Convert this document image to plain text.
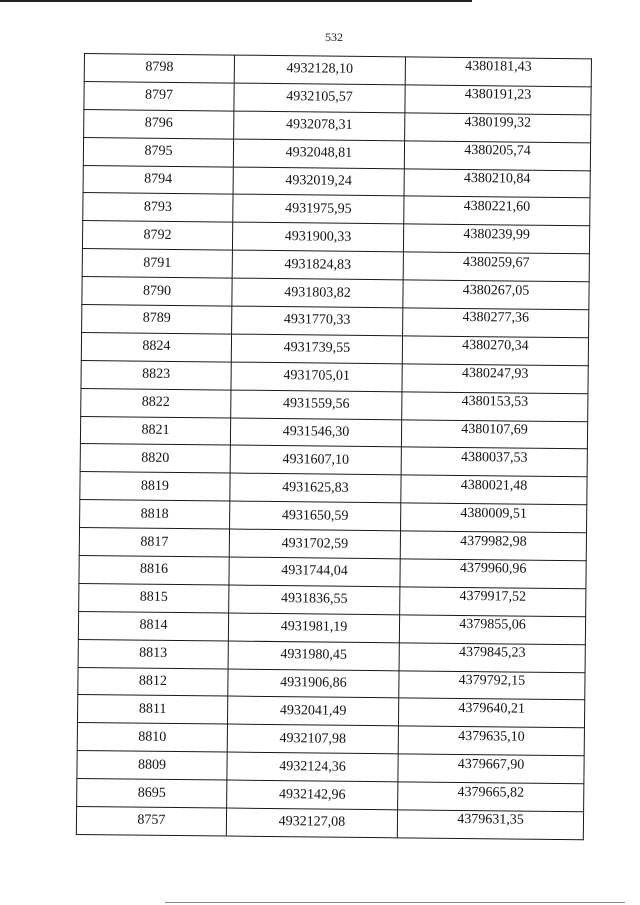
532
8798	4932128,10	4380181,43
8797	4932105,57	4380191,23
8796	4932078,31	4380199,32
8795	4932048,81	4380205,74
8794	4932019,24	4380210,84
8793	4931975,95	4380221,60
8792	4931900,33	4380239,99
8791	4931824,83	4380259,67
8790	4931803,82	4380267,05
8789	4931770,33	4380277,36
8824	4931739,55	4380270,34
8823	4931705,01	4380247,93
8822	4931559,56	4380153,53
8821	4931546,30	4380107,69
8820	4931607,10	4380037,53
8819	4931625,83	4380021,48
8818	4931650,59	4380009,51
8817	4931702,59	4379982,98
8816	4931744,04	4379960,96
8815	4931836,55	4379917,52
8814	4931981,19	4379855,06
8813	4931980,45	4379845,23
8812	4931906,86	4379792,15
8811	4932041,49	4379640,21
8810	4932107,98	4379635,10
8809	4932124,36	4379667,90
8695	4932142,96	4379665,82
8757	4932127,08	4379631,35
